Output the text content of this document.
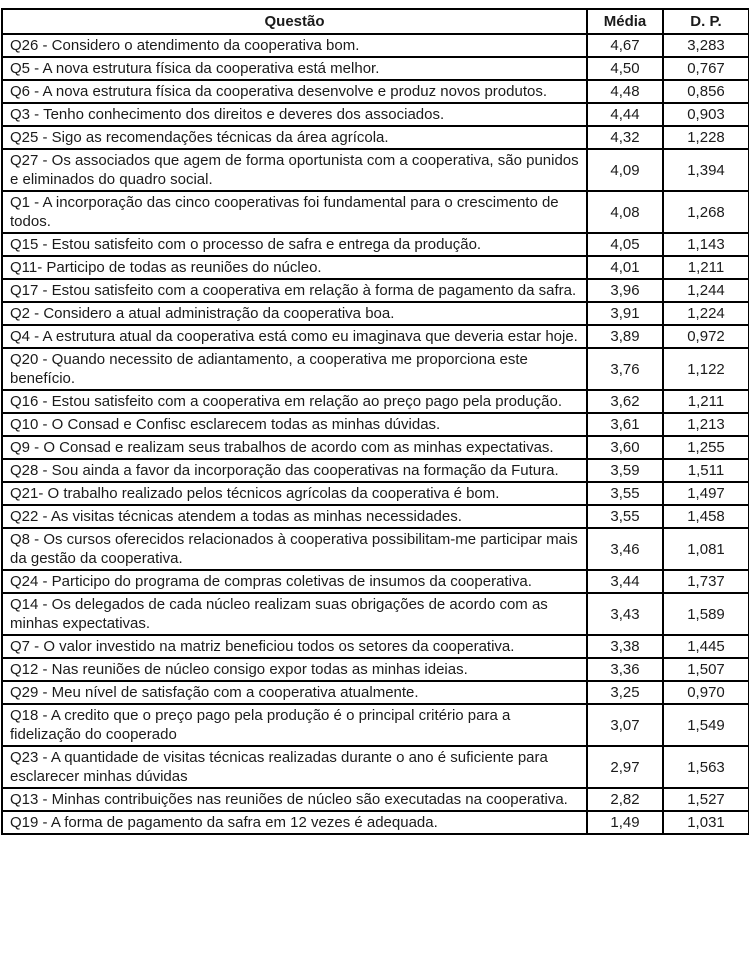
Questão	Média	D. P.
Q26 - Considero o atendimento da cooperativa bom.	4,67	3,283
Q5 - A nova estrutura física da cooperativa está melhor.	4,50	0,767
Q6 - A nova estrutura física da cooperativa desenvolve e produz novos produtos.	4,48	0,856
Q3 - Tenho conhecimento dos direitos e deveres dos associados.	4,44	0,903
Q25 - Sigo as recomendações técnicas da área agrícola.	4,32	1,228
Q27 - Os associados que agem de forma oportunista com a cooperativa, são punidos e eliminados do quadro social.	4,09	1,394
Q1 - A incorporação das cinco cooperativas foi fundamental para o crescimento de todos.	4,08	1,268
Q15 - Estou satisfeito com o processo de safra e entrega da produção.	4,05	1,143
Q11- Participo de todas as reuniões do núcleo.	4,01	1,211
Q17 - Estou satisfeito com a cooperativa em relação à forma de pagamento da safra.	3,96	1,244
Q2 - Considero a atual administração da cooperativa boa.	3,91	1,224
Q4 - A estrutura atual da cooperativa está como eu imaginava que deveria estar hoje.	3,89	0,972
Q20 - Quando necessito de adiantamento, a cooperativa me proporciona este benefício.	3,76	1,122
Q16 - Estou satisfeito com a cooperativa em relação ao preço pago pela produção.	3,62	1,211
Q10 - O Consad e Confisc esclarecem todas as minhas dúvidas.	3,61	1,213
Q9 - O Consad e realizam seus trabalhos de acordo com as minhas expectativas.	3,60	1,255
Q28 - Sou ainda a favor da incorporação das cooperativas na formação da Futura.	3,59	1,511
Q21- O trabalho realizado pelos técnicos agrícolas da cooperativa é bom.	3,55	1,497
Q22 - As visitas técnicas atendem a todas as minhas necessidades.	3,55	1,458
Q8 - Os cursos oferecidos relacionados à cooperativa possibilitam-me participar mais da gestão da cooperativa.	3,46	1,081
Q24 - Participo do programa de compras coletivas de insumos da cooperativa.	3,44	1,737
Q14 - Os delegados de cada núcleo realizam suas obrigações de acordo com as minhas expectativas.	3,43	1,589
Q7 - O valor investido na matriz beneficiou todos os setores da cooperativa.	3,38	1,445
Q12 - Nas reuniões de núcleo consigo expor todas as minhas ideias.	3,36	1,507
Q29 - Meu nível de satisfação com a cooperativa atualmente.	3,25	0,970
Q18 - A credito que o preço pago pela produção é o principal critério para a fidelização do cooperado	3,07	1,549
Q23 - A quantidade de visitas técnicas realizadas durante o ano é suficiente para esclarecer minhas dúvidas	2,97	1,563
Q13 - Minhas contribuições nas reuniões de núcleo são executadas na cooperativa.	2,82	1,527
Q19 - A forma de pagamento da safra em 12 vezes é adequada.	1,49	1,031
